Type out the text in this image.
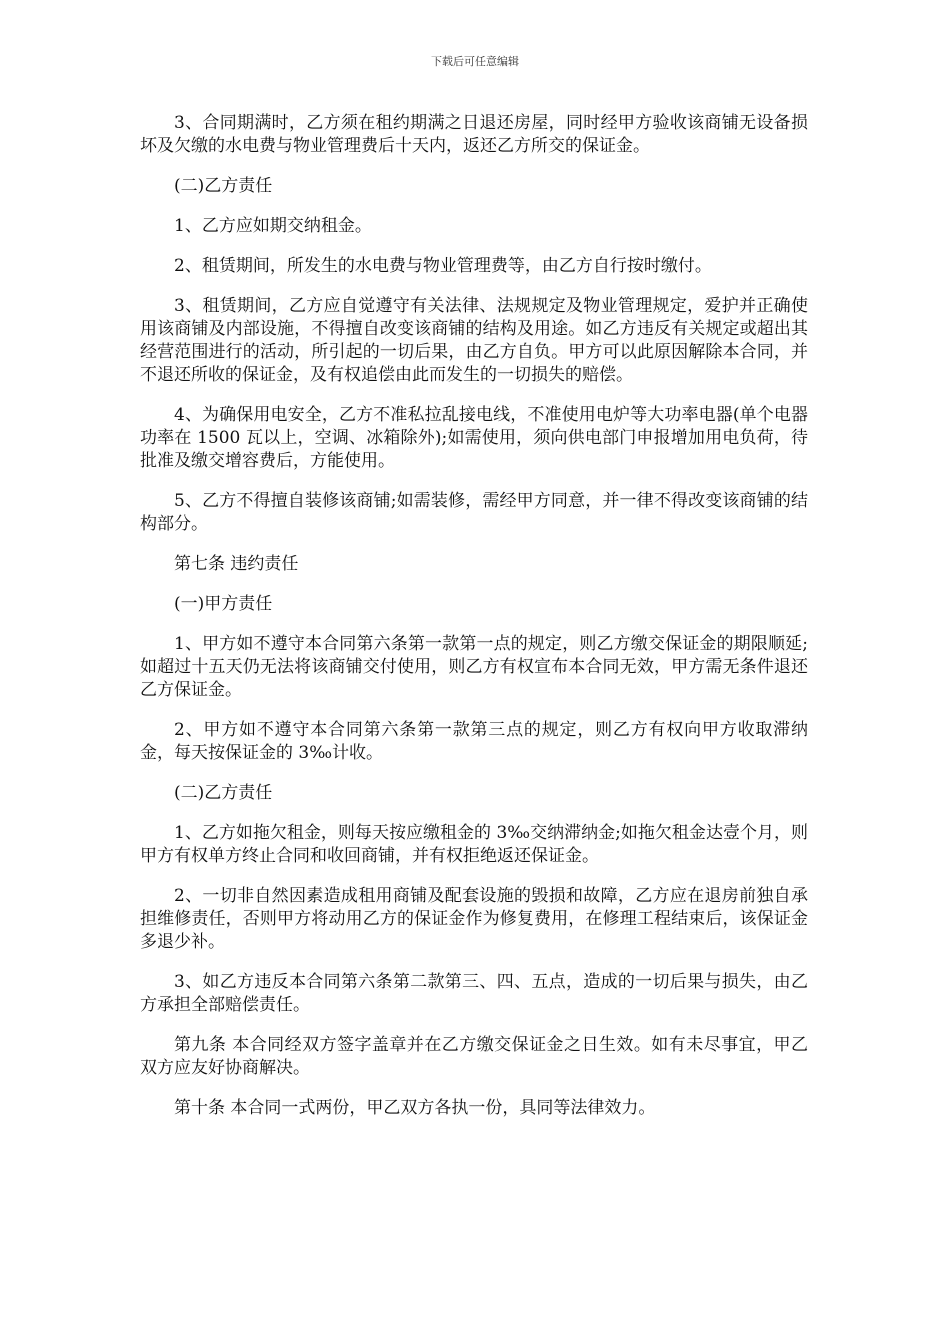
下载后可任意编辑

3、合同期满时，乙方须在租约期满之日退还房屋，同时经甲方验收该商铺无设备损坏及欠缴的水电费与物业管理费后十天内，返还乙方所交的保证金。

(二)乙方责任

1、乙方应如期交纳租金。

2、租赁期间，所发生的水电费与物业管理费等，由乙方自行按时缴付。

3、租赁期间，乙方应自觉遵守有关法律、法规规定及物业管理规定，爱护并正确使用该商铺及内部设施，不得擅自改变该商铺的结构及用途。如乙方违反有关规定或超出其经营范围进行的活动，所引起的一切后果，由乙方自负。甲方可以此原因解除本合同，并不退还所收的保证金，及有权追偿由此而发生的一切损失的赔偿。

4、为确保用电安全，乙方不准私拉乱接电线，不准使用电炉等大功率电器(单个电器功率在 1500 瓦以上，空调、冰箱除外);如需使用，须向供电部门申报增加用电负荷，待批准及缴交增容费后，方能使用。

5、乙方不得擅自装修该商铺;如需装修，需经甲方同意，并一律不得改变该商铺的结构部分。

第七条 违约责任

(一)甲方责任

1、甲方如不遵守本合同第六条第一款第一点的规定，则乙方缴交保证金的期限顺延;如超过十五天仍无法将该商铺交付使用，则乙方有权宣布本合同无效，甲方需无条件退还乙方保证金。

2、甲方如不遵守本合同第六条第一款第三点的规定，则乙方有权向甲方收取滞纳金，每天按保证金的 3‰计收。

(二)乙方责任

1、乙方如拖欠租金，则每天按应缴租金的 3‰交纳滞纳金;如拖欠租金达壹个月，则甲方有权单方终止合同和收回商铺，并有权拒绝返还保证金。

2、一切非自然因素造成租用商铺及配套设施的毁损和故障，乙方应在退房前独自承担维修责任，否则甲方将动用乙方的保证金作为修复费用，在修理工程结束后，该保证金多退少补。

3、如乙方违反本合同第六条第二款第三、四、五点，造成的一切后果与损失，由乙方承担全部赔偿责任。

第九条 本合同经双方签字盖章并在乙方缴交保证金之日生效。如有未尽事宜，甲乙双方应友好协商解决。

第十条 本合同一式两份，甲乙双方各执一份，具同等法律效力。
